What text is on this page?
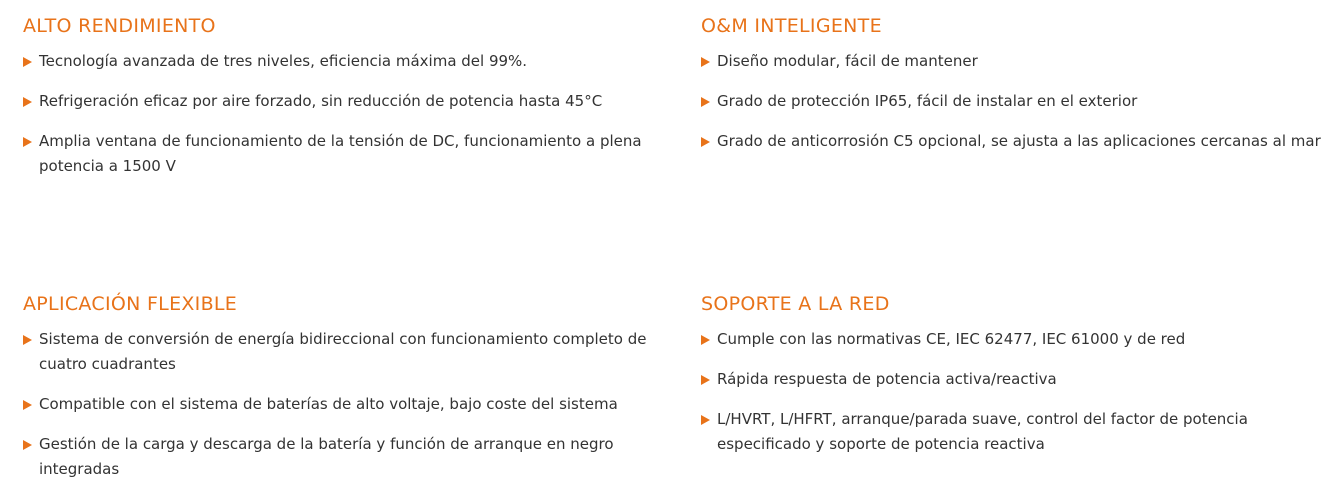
ALTO RENDIMIENTO
Tecnología avanzada de tres niveles, eficiencia máxima del 99%.
Refrigeración eficaz por aire forzado, sin reducción de potencia hasta 45°C
Amplia ventana de funcionamiento de la tensión de DC, funcionamiento a plena potencia a 1500 V
O&M INTELIGENTE
Diseño modular, fácil de mantener
Grado de protección IP65, fácil de instalar en el exterior
Grado de anticorrosión C5 opcional, se ajusta a las aplicaciones cercanas al mar
APLICACIÓN FLEXIBLE
Sistema de conversión de energía bidireccional con funcionamiento completo de cuatro cuadrantes
Compatible con el sistema de baterías de alto voltaje, bajo coste del sistema
Gestión de la carga y descarga de la batería y función de arranque en negro integradas
SOPORTE A LA RED
Cumple con las normativas CE, IEC 62477, IEC 61000 y de red
Rápida respuesta de potencia activa/reactiva
L/HVRT, L/HFRT, arranque/parada suave, control del factor de potencia especificado y soporte de potencia reactiva
